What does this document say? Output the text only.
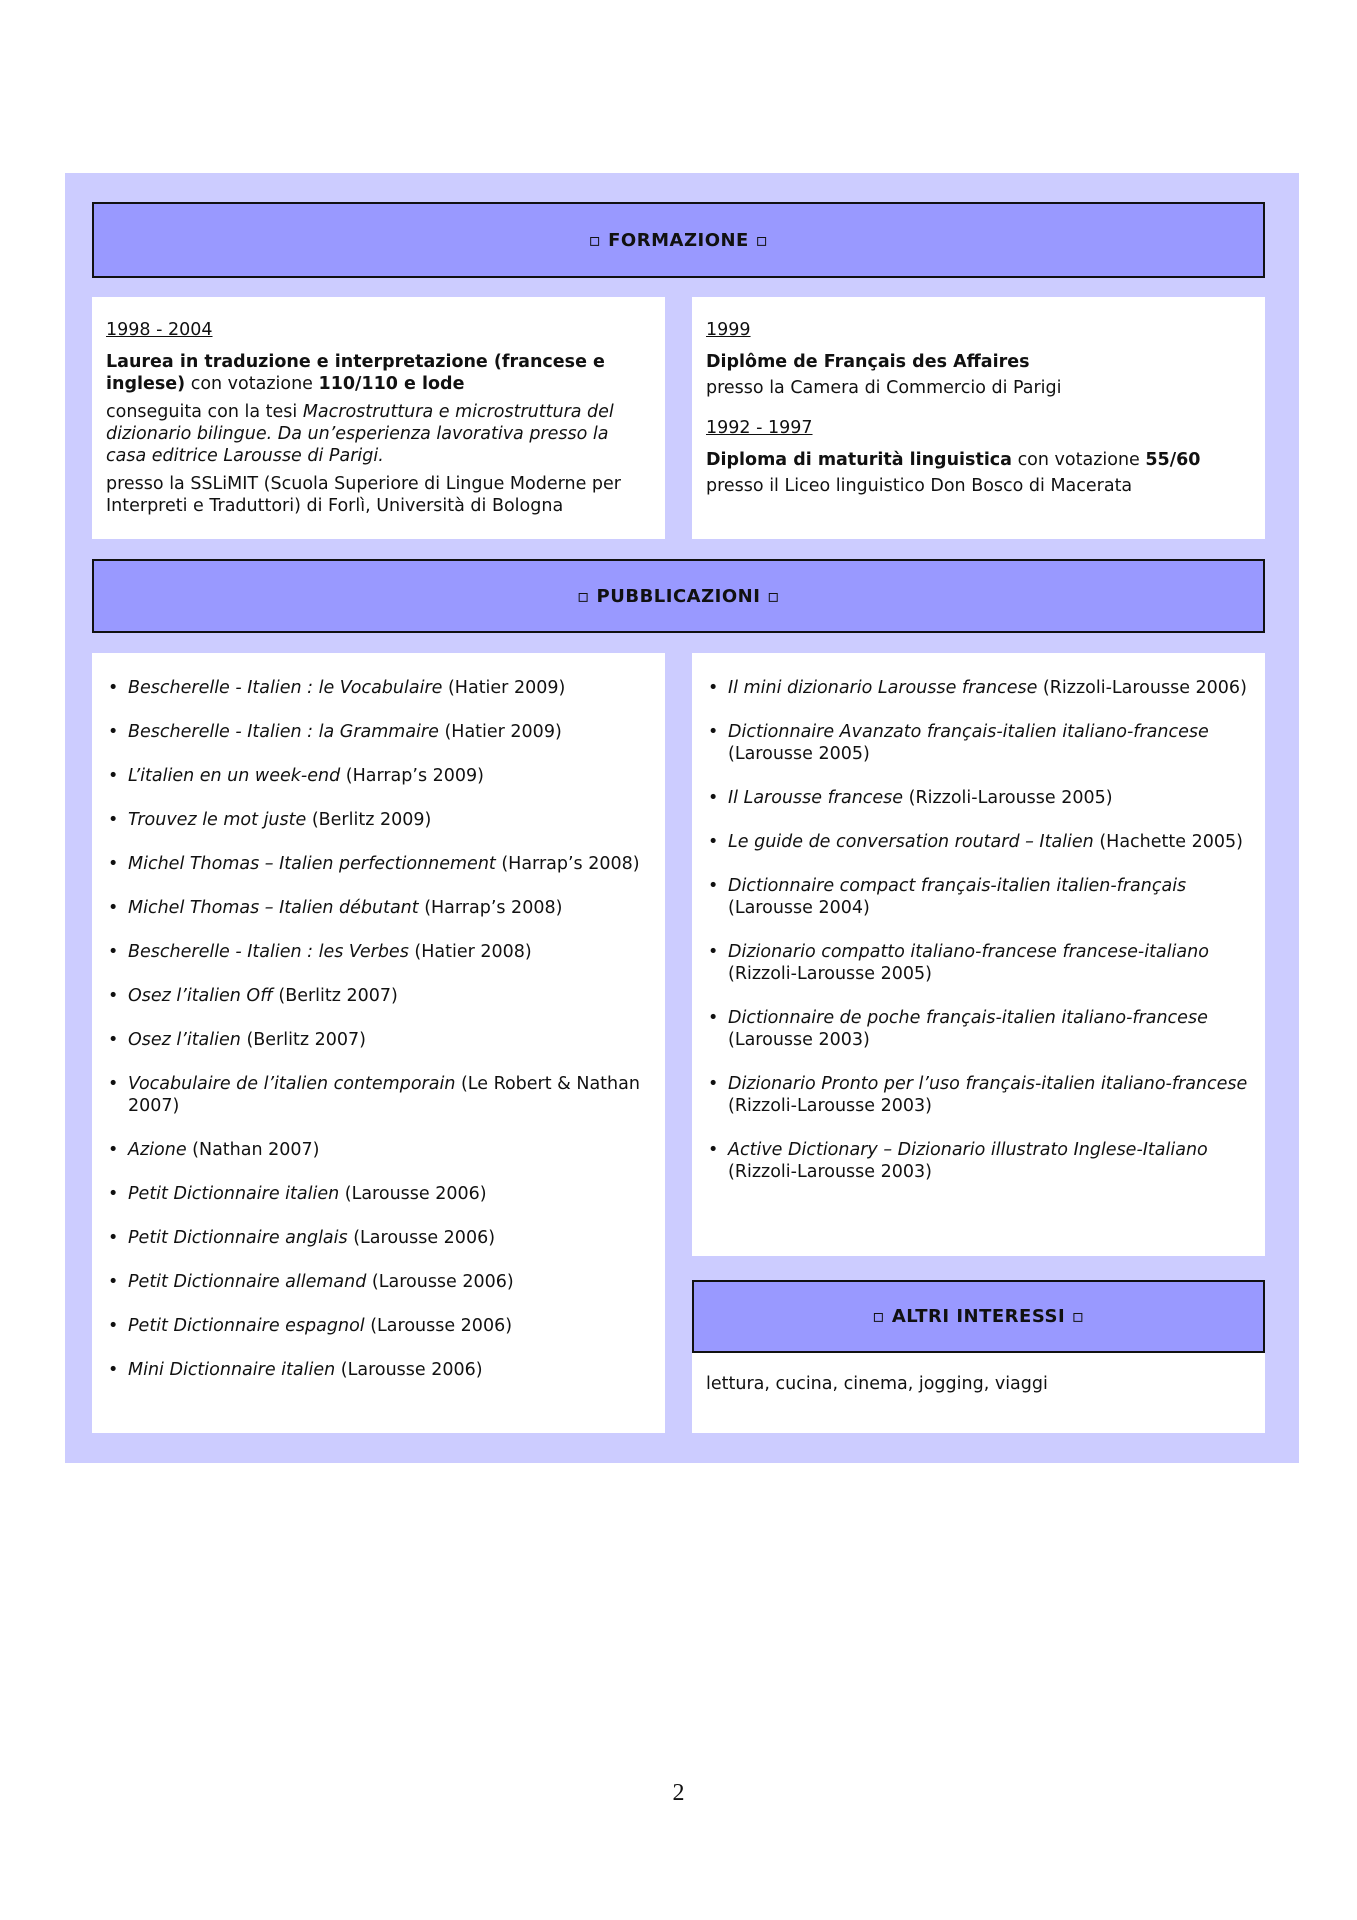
▫ FORMAZIONE ▫
1998 - 2004
Laurea in traduzione e interpretazione (francese e inglese) con votazione 110/110 e lode
conseguita con la tesi Macrostruttura e microstruttura del dizionario bilingue. Da un’esperienza lavorativa presso la casa editrice Larousse di Parigi.
presso la SSLiMIT (Scuola Superiore di Lingue Moderne per Interpreti e Traduttori) di Forlì, Università di Bologna
1999
Diplôme de Français des Affaires
presso la Camera di Commercio di Parigi
1992 - 1997
Diploma di maturità linguistica con votazione 55/60
presso il Liceo linguistico Don Bosco di Macerata
▫ PUBBLICAZIONI ▫
• Bescherelle - Italien : le Vocabulaire (Hatier 2009)
• Bescherelle - Italien : la Grammaire (Hatier 2009)
• L’italien en un week-end (Harrap’s 2009)
• Trouvez le mot juste (Berlitz 2009)
• Michel Thomas – Italien perfectionnement (Harrap’s 2008)
• Michel Thomas – Italien débutant (Harrap’s 2008)
• Bescherelle - Italien : les Verbes (Hatier 2008)
• Osez l’italien Off (Berlitz 2007)
• Osez l’italien (Berlitz 2007)
• Vocabulaire de l’italien contemporain (Le Robert & Nathan 2007)
• Azione (Nathan 2007)
• Petit Dictionnaire italien (Larousse 2006)
• Petit Dictionnaire anglais (Larousse 2006)
• Petit Dictionnaire allemand (Larousse 2006)
• Petit Dictionnaire espagnol (Larousse 2006)
• Mini Dictionnaire italien (Larousse 2006)
• Il mini dizionario Larousse francese (Rizzoli-Larousse 2006)
• Dictionnaire Avanzato français-italien italiano-francese (Larousse 2005)
• Il Larousse francese (Rizzoli-Larousse 2005)
• Le guide de conversation routard – Italien (Hachette 2005)
• Dictionnaire compact français-italien italien-français (Larousse 2004)
• Dizionario compatto italiano-francese francese-italiano (Rizzoli-Larousse 2005)
• Dictionnaire de poche français-italien italiano-francese (Larousse 2003)
• Dizionario Pronto per l’uso français-italien italiano-francese (Rizzoli-Larousse 2003)
• Active Dictionary – Dizionario illustrato Inglese-Italiano (Rizzoli-Larousse 2003)
▫ ALTRI INTERESSI ▫
lettura, cucina, cinema, jogging, viaggi
2
